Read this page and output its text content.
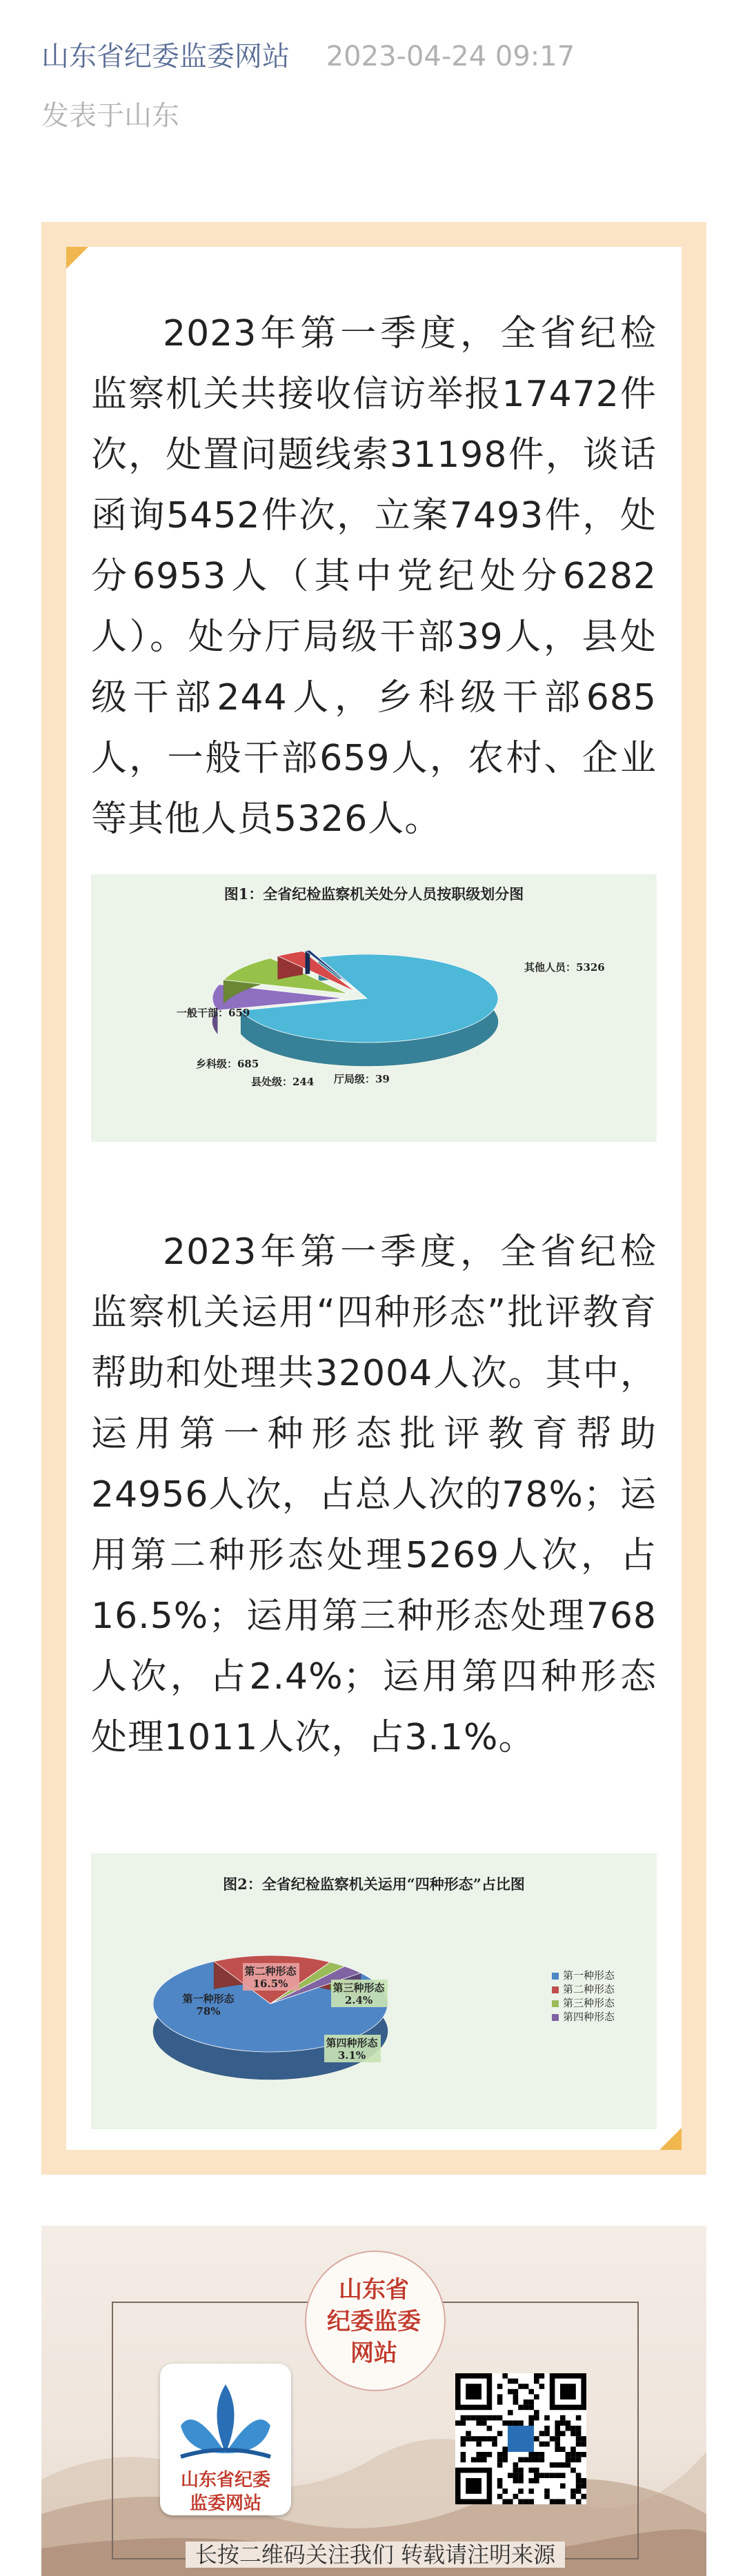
山东省纪委监委网站 2023-04-24 09:17
发表于山东

2023年第一季度，全省纪检监察机关共接收信访举报17472件次，处置问题线索31198件，谈话函询5452件次，立案7493件，处分6953人（其中党纪处分6282人）。处分厅局级干部39人，县处级干部244人，乡科级干部685人，一般干部659人，农村、企业等其他人员5326人。

图1：全省纪检监察机关处分人员按职级划分图
其他人员：5326
一般干部：659
乡科级：685
县处级：244 厅局级：39

2023年第一季度，全省纪检监察机关运用“四种形态”批评教育帮助和处理共32004人次。其中，运用第一种形态批评教育帮助24956人次，占总人次的78%；运用第二种形态处理5269人次，占16.5%；运用第三种形态处理768人次，占2.4%；运用第四种形态处理1011人次，占3.1%。

图2：全省纪检监察机关运用“四种形态”占比图
第一种形态
78%
第二种形态
16.5%	第三种形态
2.4%
第四种形态
3.1%
第一种形态
第二种形态
第三种形态
第四种形态
山东省
纪委监委
网站
山东省纪委
监委网站
长按二维码关注我们 转载请注明来源
